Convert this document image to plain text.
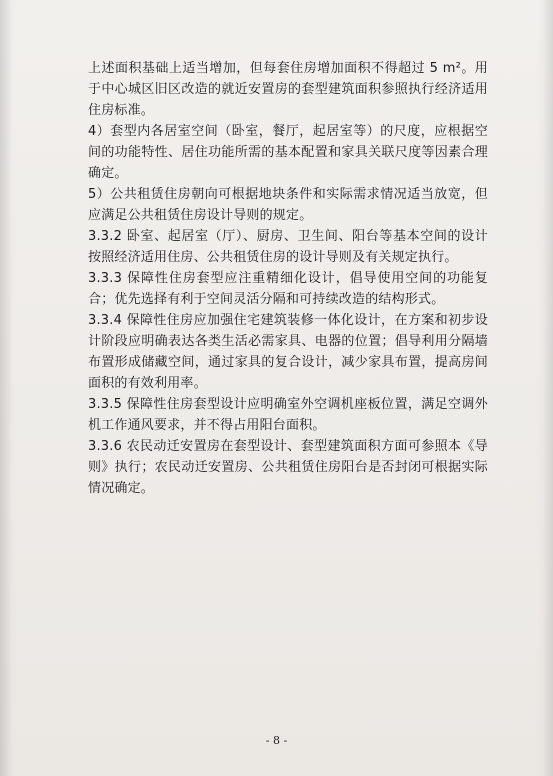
上述面积基础上适当增加，但每套住房增加面积不得超过 5 m²。用于中心城区旧区改造的就近安置房的套型建筑面积参照执行经济适用住房标准。

4）套型内各居室空间（卧室，餐厅，起居室等）的尺度，应根据空间的功能特性、居住功能所需的基本配置和家具关联尺度等因素合理确定。

5）公共租赁住房朝向可根据地块条件和实际需求情况适当放宽，但应满足公共租赁住房设计导则的规定。

3.3.2 卧室、起居室（厅）、厨房、卫生间、阳台等基本空间的设计按照经济适用住房、公共租赁住房的设计导则及有关规定执行。

3.3.3 保障性住房套型应注重精细化设计，倡导使用空间的功能复合；优先选择有利于空间灵活分隔和可持续改造的结构形式。

3.3.4 保障性住房应加强住宅建筑装修一体化设计，在方案和初步设计阶段应明确表达各类生活必需家具、电器的位置；倡导利用分隔墙布置形成储藏空间，通过家具的复合设计，减少家具布置，提高房间面积的有效利用率。

3.3.5 保障性住房套型设计应明确室外空调机座板位置，满足空调外机工作通风要求，并不得占用阳台面积。

3.3.6 农民动迁安置房在套型设计、套型建筑面积方面可参照本《导则》执行；农民动迁安置房、公共租赁住房阳台是否封闭可根据实际情况确定。

- 8 -
